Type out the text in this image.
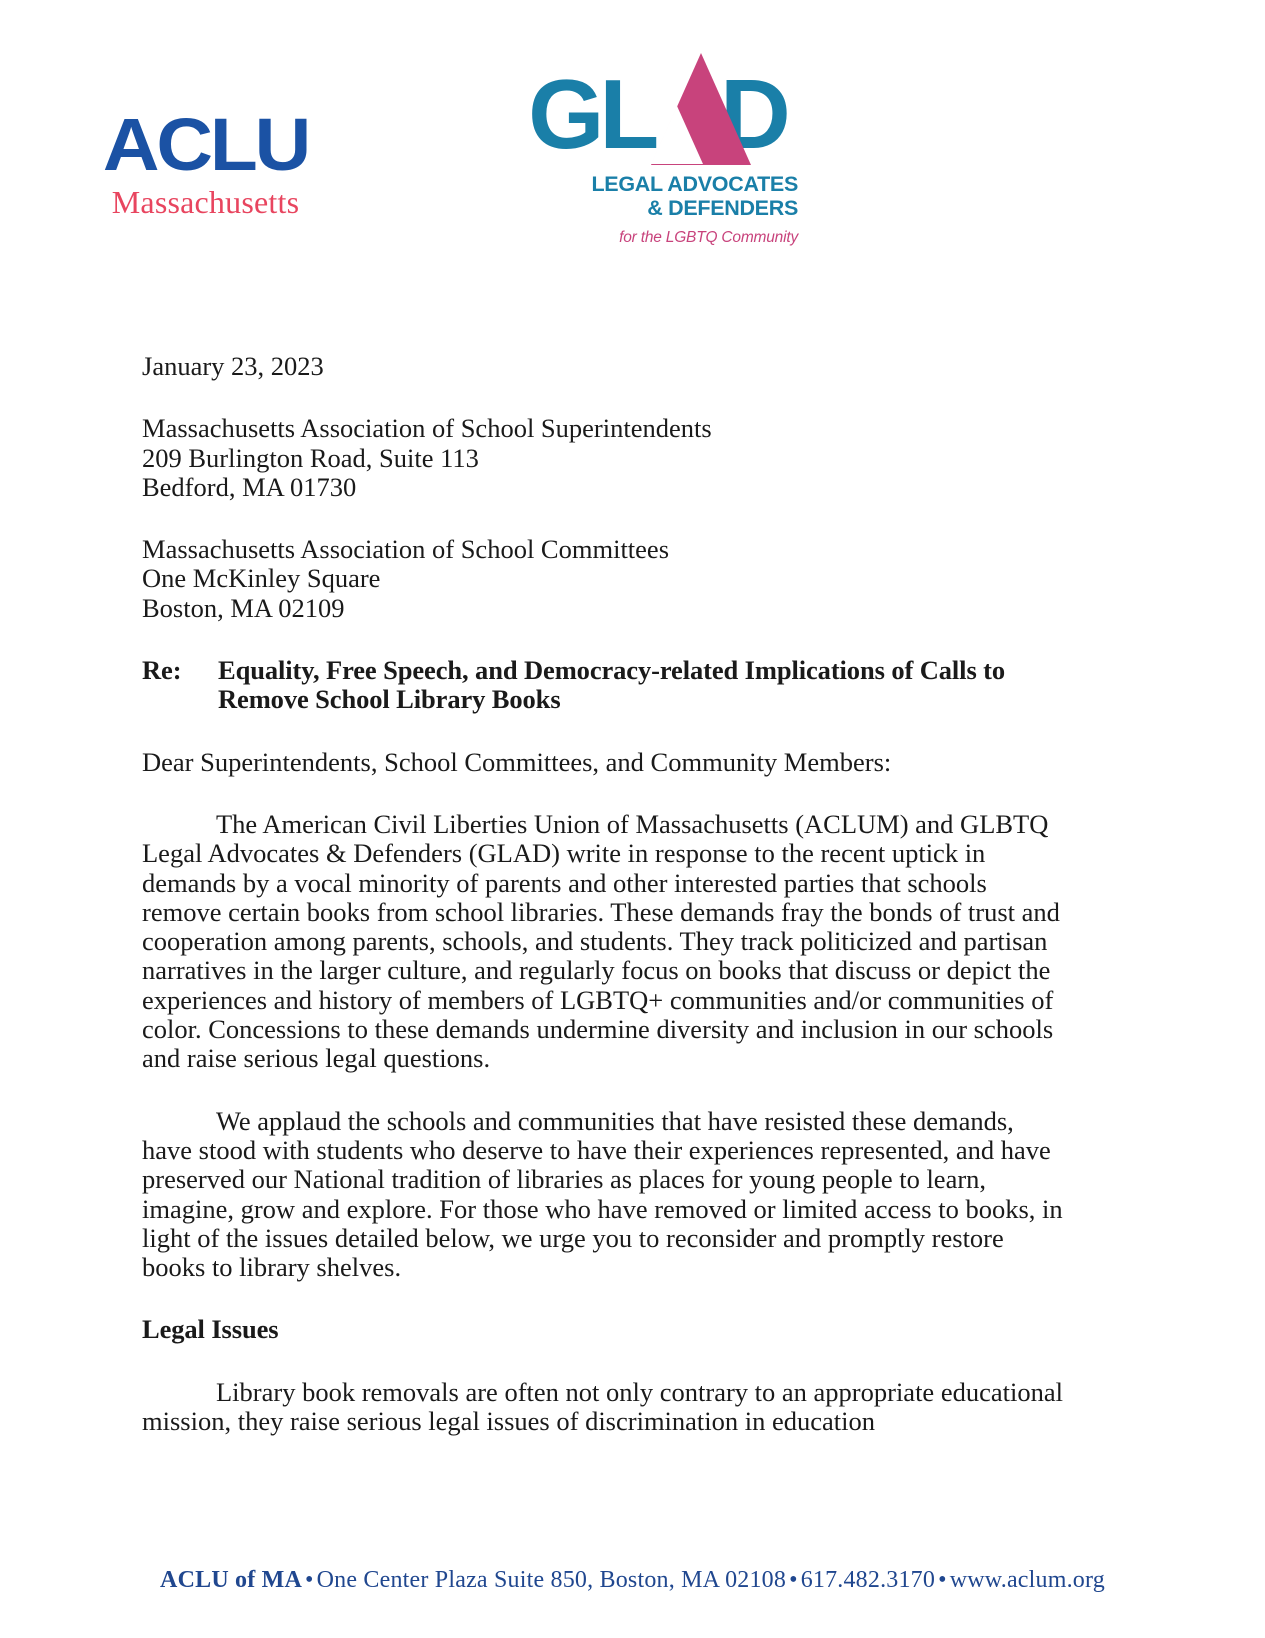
ACLU
Massachusetts
GL D
LEGAL ADVOCATES
& DEFENDERS
for the LGBTQ Community

January 23, 2023

Massachusetts Association of School Superintendents

209 Burlington Road, Suite 113

Bedford, MA 01730

Massachusetts Association of School Committees

One McKinley Square

Boston, MA 02109

Re:	Equality, Free Speech, and Democracy-related Implications of Calls to Remove School Library Books

Dear Superintendents, School Committees, and Community Members:

The American Civil Liberties Union of Massachusetts (ACLUM) and GLBTQ Legal Advocates & Defenders (GLAD) write in response to the recent uptick in demands by a vocal minority of parents and other interested parties that schools remove certain books from school libraries. These demands fray the bonds of trust and cooperation among parents, schools, and students. They track politicized and partisan narratives in the larger culture, and regularly focus on books that discuss or depict the experiences and history of members of LGBTQ+ communities and/or communities of color. Concessions to these demands undermine diversity and inclusion in our schools and raise serious legal questions.

We applaud the schools and communities that have resisted these demands, have stood with students who deserve to have their experiences represented, and have preserved our National tradition of libraries as places for young people to learn, imagine, grow and explore. For those who have removed or limited access to books, in light of the issues detailed below, we urge you to reconsider and promptly restore books to library shelves.

Legal Issues

Library book removals are often not only contrary to an appropriate educational mission, they raise serious legal issues of discrimination in education

ACLU of MA • One Center Plaza Suite 850, Boston, MA 02108 • 617.482.3170 • www.aclum.org
